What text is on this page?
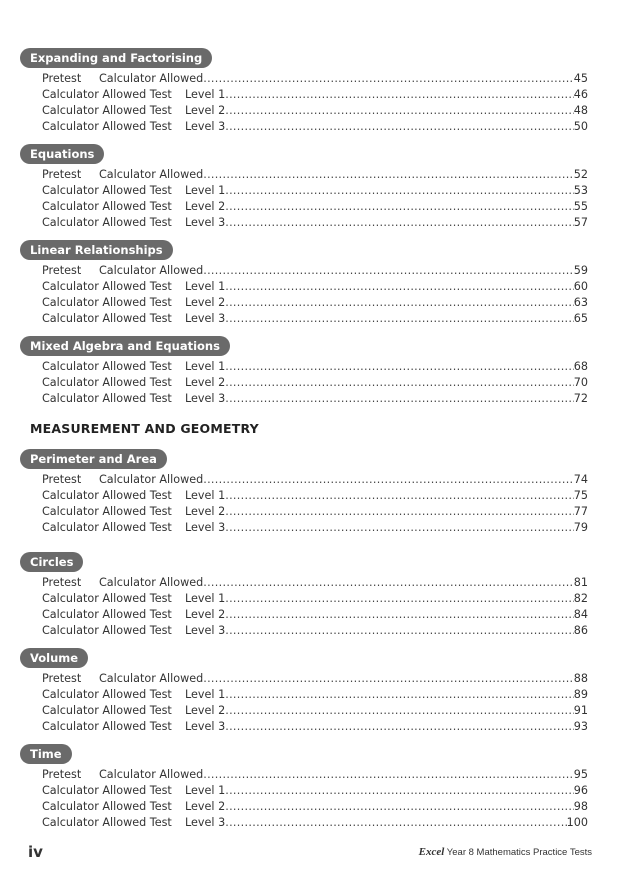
Expanding and Factorising
Pretest	Calculator Allowed .....	45
Calculator Allowed Test	Level 1 .....	46
Calculator Allowed Test	Level 2 .....	48
Calculator Allowed Test	Level 3 .....	50
Equations
Pretest	Calculator Allowed .....	52
Calculator Allowed Test	Level 1 .....	53
Calculator Allowed Test	Level 2 .....	55
Calculator Allowed Test	Level 3 .....	57
Linear Relationships
Pretest	Calculator Allowed .....	59
Calculator Allowed Test	Level 1 .....	60
Calculator Allowed Test	Level 2 .....	63
Calculator Allowed Test	Level 3 .....	65
Mixed Algebra and Equations
Calculator Allowed Test	Level 1 .....	68
Calculator Allowed Test	Level 2 .....	70
Calculator Allowed Test	Level 3 .....	72
Perimeter and Area
Pretest	Calculator Allowed .....	74
Calculator Allowed Test	Level 1 .....	75
Calculator Allowed Test	Level 2 .....	77
Calculator Allowed Test	Level 3 .....	79
Circles
Pretest	Calculator Allowed .....	81
Calculator Allowed Test	Level 1 .....	82
Calculator Allowed Test	Level 2 .....	84
Calculator Allowed Test	Level 3 .....	86
Volume
Pretest	Calculator Allowed .....	88
Calculator Allowed Test	Level 1 .....	89
Calculator Allowed Test	Level 2 .....	91
Calculator Allowed Test	Level 3 .....	93
Time
Pretest	Calculator Allowed .....	95
Calculator Allowed Test	Level 1 .....	96
Calculator Allowed Test	Level 2 .....	98
Calculator Allowed Test	Level 3 .....	100
MEASUREMENT AND GEOMETRY
iv	Excel Year 8 Mathematics Practice Tests
